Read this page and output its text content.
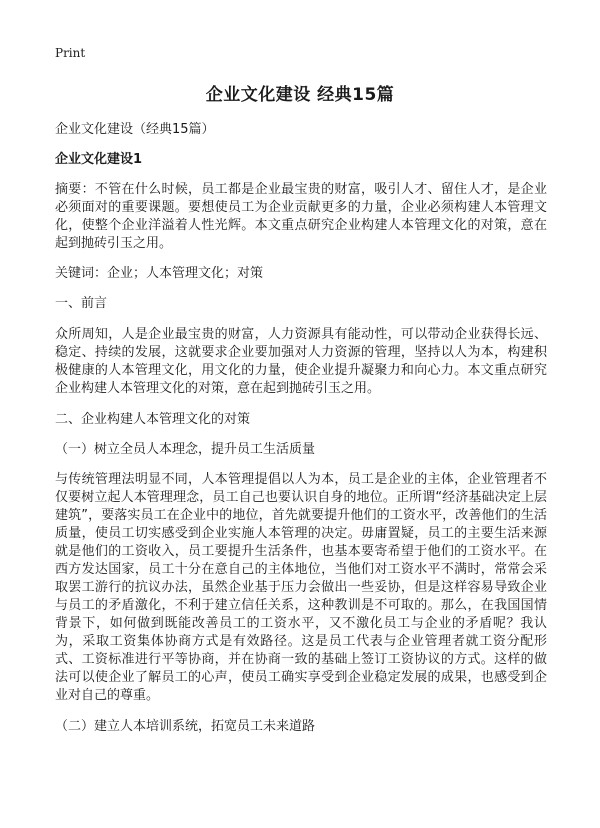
Print
企业文化建设 经典15篇

企业文化建设（经典15篇）

企业文化建设1

摘要：不管在什么时候，员工都是企业最宝贵的财富，吸引人才、留住人才，是企业必须面对的重要课题。要想使员工为企业贡献更多的力量，企业必须构建人本管理文化，使整个企业洋溢着人性光辉。本文重点研究企业构建人本管理文化的对策，意在起到抛砖引玉之用。

关键词：企业；人本管理文化；对策

一、前言

众所周知，人是企业最宝贵的财富，人力资源具有能动性，可以带动企业获得长远、稳定、持续的发展，这就要求企业要加强对人力资源的管理，坚持以人为本，构建积极健康的人本管理文化，用文化的力量，使企业提升凝聚力和向心力。本文重点研究企业构建人本管理文化的对策，意在起到抛砖引玉之用。

二、企业构建人本管理文化的对策

（一）树立全员人本理念，提升员工生活质量

与传统管理法明显不同，人本管理提倡以人为本，员工是企业的主体，企业管理者不仅要树立起人本管理理念，员工自己也要认识自身的地位。正所谓“经济基础决定上层建筑”，要落实员工在企业中的地位，首先就要提升他们的工资水平，改善他们的生活质量，使员工切实感受到企业实施人本管理的决定。毋庸置疑，员工的主要生活来源就是他们的工资收入，员工要提升生活条件，也基本要寄希望于他们的工资水平。在西方发达国家，员工十分在意自己的主体地位，当他们对工资水平不满时，常常会采取罢工游行的抗议办法，虽然企业基于压力会做出一些妥协，但是这样容易导致企业与员工的矛盾激化，不利于建立信任关系，这种教训是不可取的。那么，在我国国情背景下，如何做到既能改善员工的工资水平，又不激化员工与企业的矛盾呢？我认为，采取工资集体协商方式是有效路径。这是员工代表与企业管理者就工资分配形式、工资标准进行平等协商，并在协商一致的基础上签订工资协议的方式。这样的做法可以使企业了解员工的心声，使员工确实享受到企业稳定发展的成果，也感受到企业对自己的尊重。

（二）建立人本培训系统，拓宽员工未来道路
